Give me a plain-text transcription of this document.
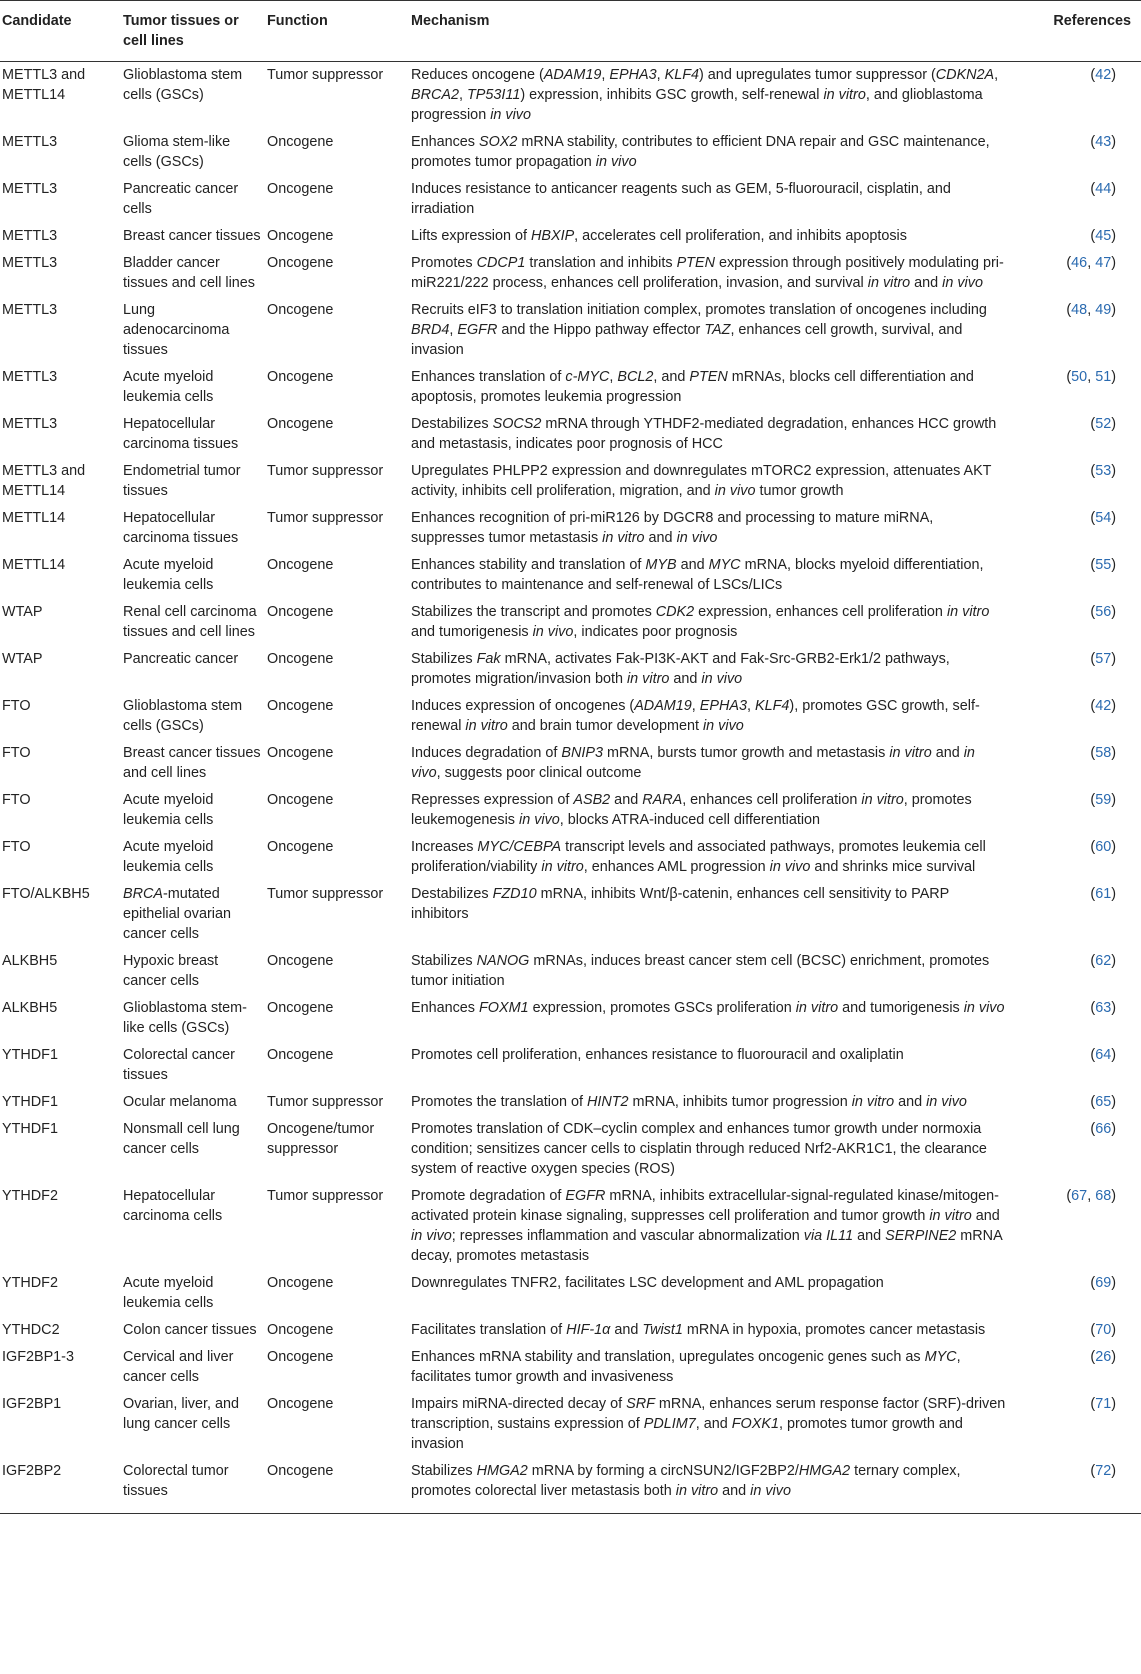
Candidate	Tumor tissues or cell lines	Function	Mechanism	References
METTL3 and METTL14	Glioblastoma stem cells (GSCs)	Tumor suppressor	Reduces oncogene (ADAM19, EPHA3, KLF4) and upregulates tumor suppressor (CDKN2A, BRCA2, TP53I11) expression, inhibits GSC growth, self-renewal in vitro, and glioblastoma progression in vivo	(42)
METTL3	Glioma stem-like cells (GSCs)	Oncogene	Enhances SOX2 mRNA stability, contributes to efficient DNA repair and GSC maintenance, promotes tumor propagation in vivo	(43)
METTL3	Pancreatic cancer cells	Oncogene	Induces resistance to anticancer reagents such as GEM, 5-fluorouracil, cisplatin, and irradiation	(44)
METTL3	Breast cancer tissues	Oncogene	Lifts expression of HBXIP, accelerates cell proliferation, and inhibits apoptosis	(45)
METTL3	Bladder cancer tissues and cell lines	Oncogene	Promotes CDCP1 translation and inhibits PTEN expression through positively modulating pri-miR221/222 process, enhances cell proliferation, invasion, and survival in vitro and in vivo	(46, 47)
METTL3	Lung adenocarcinoma tissues	Oncogene	Recruits eIF3 to translation initiation complex, promotes translation of oncogenes including BRD4, EGFR and the Hippo pathway effector TAZ, enhances cell growth, survival, and invasion	(48, 49)
METTL3	Acute myeloid leukemia cells	Oncogene	Enhances translation of c-MYC, BCL2, and PTEN mRNAs, blocks cell differentiation and apoptosis, promotes leukemia progression	(50, 51)
METTL3	Hepatocellular carcinoma tissues	Oncogene	Destabilizes SOCS2 mRNA through YTHDF2-mediated degradation, enhances HCC growth and metastasis, indicates poor prognosis of HCC	(52)
METTL3 and METTL14	Endometrial tumor tissues	Tumor suppressor	Upregulates PHLPP2 expression and downregulates mTORC2 expression, attenuates AKT activity, inhibits cell proliferation, migration, and in vivo tumor growth	(53)
METTL14	Hepatocellular carcinoma tissues	Tumor suppressor	Enhances recognition of pri-miR126 by DGCR8 and processing to mature miRNA, suppresses tumor metastasis in vitro and in vivo	(54)
METTL14	Acute myeloid leukemia cells	Oncogene	Enhances stability and translation of MYB and MYC mRNA, blocks myeloid differentiation, contributes to maintenance and self-renewal of LSCs/LICs	(55)
WTAP	Renal cell carcinoma tissues and cell lines	Oncogene	Stabilizes the transcript and promotes CDK2 expression, enhances cell proliferation in vitro and tumorigenesis in vivo, indicates poor prognosis	(56)
WTAP	Pancreatic cancer	Oncogene	Stabilizes Fak mRNA, activates Fak-PI3K-AKT and Fak-Src-GRB2-Erk1/2 pathways, promotes migration/invasion both in vitro and in vivo	(57)
FTO	Glioblastoma stem cells (GSCs)	Oncogene	Induces expression of oncogenes (ADAM19, EPHA3, KLF4), promotes GSC growth, self-renewal in vitro and brain tumor development in vivo	(42)
FTO	Breast cancer tissues and cell lines	Oncogene	Induces degradation of BNIP3 mRNA, bursts tumor growth and metastasis in vitro and in vivo, suggests poor clinical outcome	(58)
FTO	Acute myeloid leukemia cells	Oncogene	Represses expression of ASB2 and RARA, enhances cell proliferation in vitro, promotes leukemogenesis in vivo, blocks ATRA-induced cell differentiation	(59)
FTO	Acute myeloid leukemia cells	Oncogene	Increases MYC/CEBPA transcript levels and associated pathways, promotes leukemia cell proliferation/viability in vitro, enhances AML progression in vivo and shrinks mice survival	(60)
FTO/ALKBH5	BRCA-mutated epithelial ovarian cancer cells	Tumor suppressor	Destabilizes FZD10 mRNA, inhibits Wnt/β-catenin, enhances cell sensitivity to PARP inhibitors	(61)
ALKBH5	Hypoxic breast cancer cells	Oncogene	Stabilizes NANOG mRNAs, induces breast cancer stem cell (BCSC) enrichment, promotes tumor initiation	(62)
ALKBH5	Glioblastoma stem-like cells (GSCs)	Oncogene	Enhances FOXM1 expression, promotes GSCs proliferation in vitro and tumorigenesis in vivo	(63)
YTHDF1	Colorectal cancer tissues	Oncogene	Promotes cell proliferation, enhances resistance to fluorouracil and oxaliplatin	(64)
YTHDF1	Ocular melanoma	Tumor suppressor	Promotes the translation of HINT2 mRNA, inhibits tumor progression in vitro and in vivo	(65)
YTHDF1	Nonsmall cell lung cancer cells	Oncogene/tumor suppressor	Promotes translation of CDK–cyclin complex and enhances tumor growth under normoxia condition; sensitizes cancer cells to cisplatin through reduced Nrf2-AKR1C1, the clearance system of reactive oxygen species (ROS)	(66)
YTHDF2	Hepatocellular carcinoma cells	Tumor suppressor	Promote degradation of EGFR mRNA, inhibits extracellular-signal-regulated kinase/mitogen-activated protein kinase signaling, suppresses cell proliferation and tumor growth in vitro and in vivo; represses inflammation and vascular abnormalization via IL11 and SERPINE2 mRNA decay, promotes metastasis	(67, 68)
YTHDF2	Acute myeloid leukemia cells	Oncogene	Downregulates TNFR2, facilitates LSC development and AML propagation	(69)
YTHDC2	Colon cancer tissues	Oncogene	Facilitates translation of HIF-1α and Twist1 mRNA in hypoxia, promotes cancer metastasis	(70)
IGF2BP1-3	Cervical and liver cancer cells	Oncogene	Enhances mRNA stability and translation, upregulates oncogenic genes such as MYC, facilitates tumor growth and invasiveness	(26)
IGF2BP1	Ovarian, liver, and lung cancer cells	Oncogene	Impairs miRNA-directed decay of SRF mRNA, enhances serum response factor (SRF)-driven transcription, sustains expression of PDLIM7, and FOXK1, promotes tumor growth and invasion	(71)
IGF2BP2	Colorectal tumor tissues	Oncogene	Stabilizes HMGA2 mRNA by forming a circNSUN2/IGF2BP2/HMGA2 ternary complex, promotes colorectal liver metastasis both in vitro and in vivo	(72)
